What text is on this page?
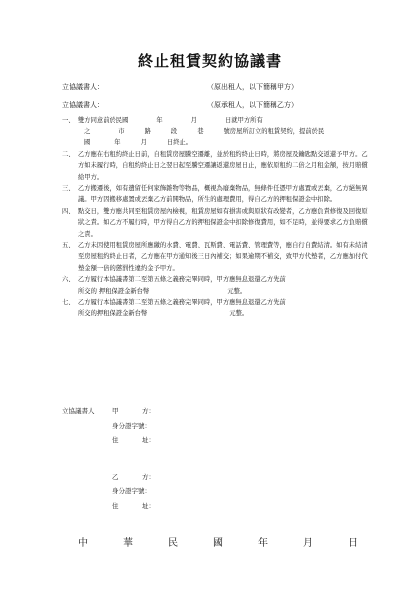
終止租賃契約協議書
立協議書人：	（原出租人，以下簡稱甲方）
立協議書人：	（原承租人，以下簡稱乙方）
一、 雙方同意前於民國	年	月	日就甲方所有
之	市	路	段	巷	號房屋所訂立的租賃契約，提前於民
國	年	月	日終止。
二、 乙方應在右租約終止日前，自租賃房屋騰空遷離，並於租約終止日時，將房屋及鑰匙點交返還予甲方。乙方如未履行時，自租約終止日之翌日起至騰空遷讓返還房屋日止，應依原租約二倍之月租金額，按月賠償給甲方。
三、 乙方搬遷後，如有遺留任何家飾雜物等物品，概視為廢棄物品，無條件任憑甲方處置或丟棄，乙方絕無異議。甲方因搬移處置或丟棄乙方前開物品，所生的處理費用，得自乙方的押租保證金中扣除。
四、 點交日，雙方應共同至租賃房屋內檢視，租賃房屋如有損害或與原狀有改變者，乙方應負責修復及回復原狀之責。如乙方不履行時，甲方得自乙方的押租保證金中扣除修復費用，如不足時，並得要求乙方負賠償之責。
五、 乙方未因使用租賃房屋所應繳的水費、電費、瓦斯費、電話費、管理費等，應自行自費結清。如有未結清至房屋租約終止日者，乙方應在甲方通知後三日內補交；如果逾期不補交，致甲方代墊者，乙方應加付代墊金額一倍的懲罰性違約金予甲方。
六、 乙方履行本協議書第二至第五條之義務完畢同時，甲方應無息退還乙方先前
所交的 押租保證金新台幣	元整。
七、 乙方履行本協議書第二至第五條之義務完畢同時，甲方應無息退還乙方先前
所交的押租保證金新台幣	元整。
立協議書人	甲	方：
身分證字號：
住	址：
乙	方：
身分證字號：
住	址：
中	華	民	國	年	月	日
